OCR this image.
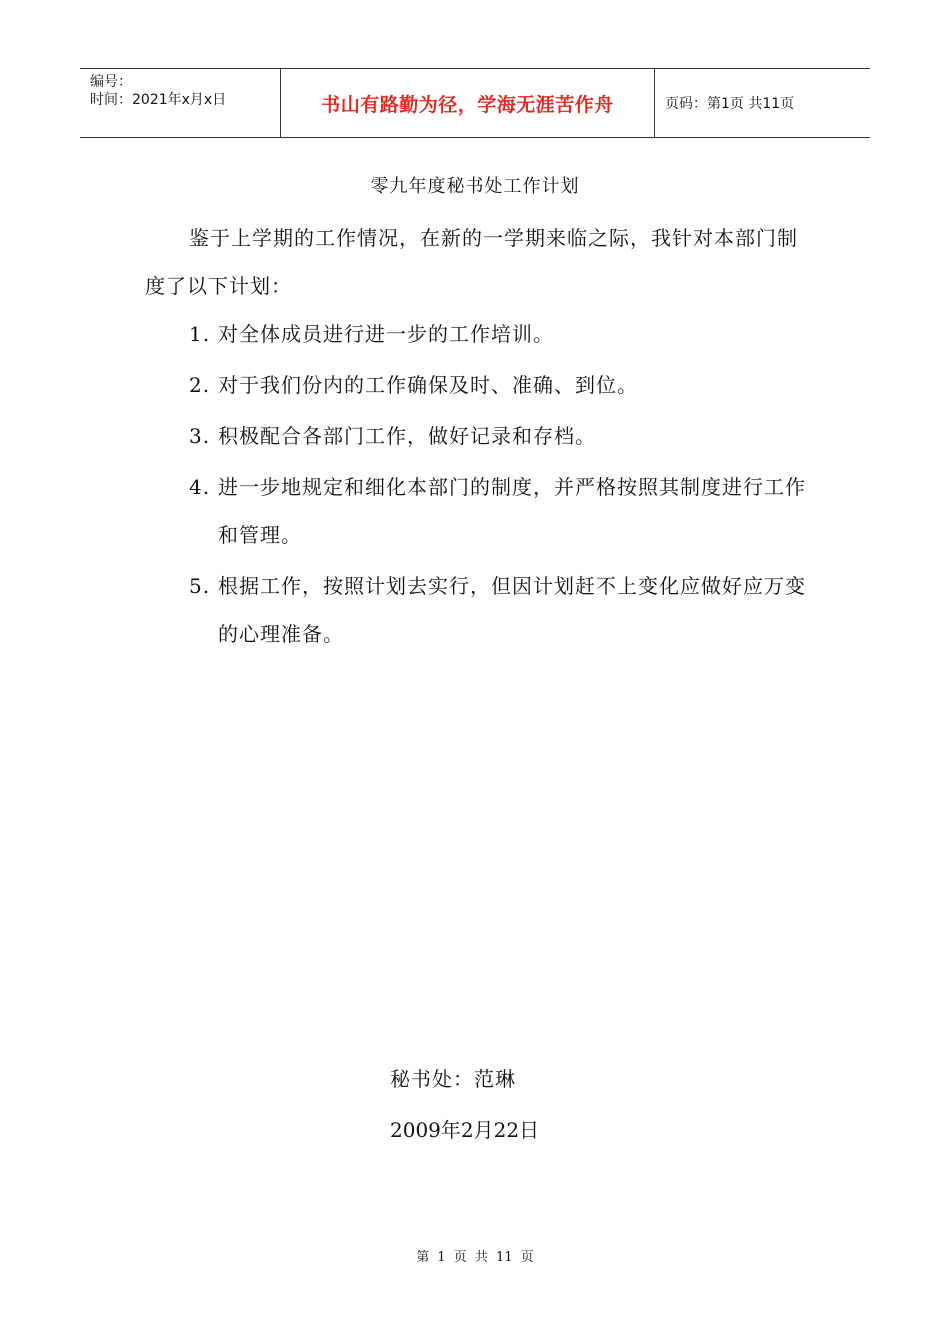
编号：
时间：2021年x月x日	书山有路勤为径，学海无涯苦作舟	页码：第1页 共11页
零九年度秘书处工作计划
鉴于上学期的工作情况，在新的一学期来临之际，我针对本部门制度了以下计划：
1. 对全体成员进行进一步的工作培训。
2. 对于我们份内的工作确保及时、准确、到位。
3. 积极配合各部门工作，做好记录和存档。
4. 进一步地规定和细化本部门的制度，并严格按照其制度进行工作和管理。
5. 根据工作，按照计划去实行，但因计划赶不上变化应做好应万变的心理准备。
秘书处：范琳
2009年2月22日
第 1 页 共 11 页
